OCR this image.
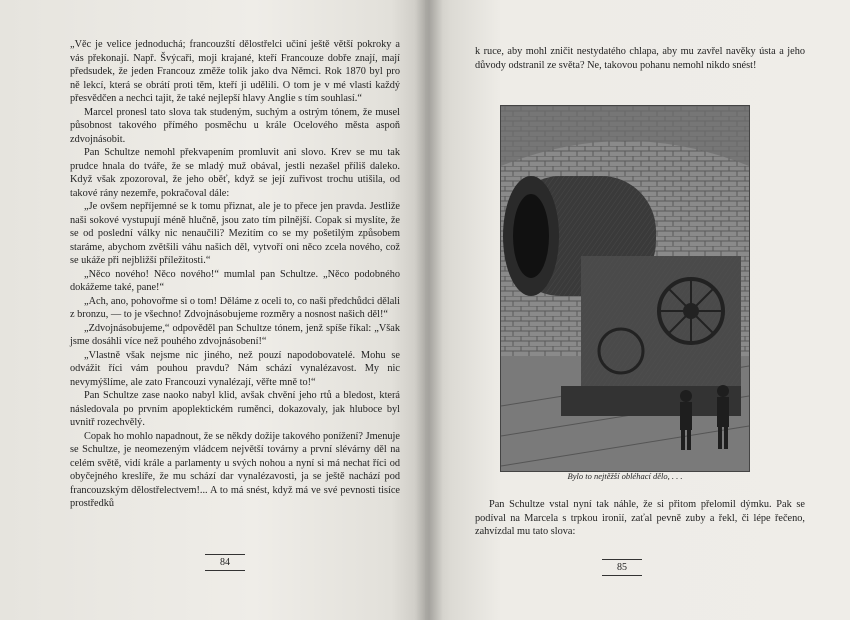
„Věc je velice jednoduchá; francouzští dělostřelci učiní ještě větší pokroky a vás překonají. Např. Švýcaři, moji krajané, kteří Francouze dobře znají, mají předsudek, že jeden Francouz změže tolik jako dva Němci. Rok 1870 byl pro ně lekcí, která se obrátí proti těm, kteří ji udělili. O tom je v mé vlasti každý přesvědčen a nechci tajit, že také nejlepší hlavy Anglie s tím souhlasí.“

Marcel pronesl tato slova tak studeným, suchým a ostrým tónem, že musel působnost takového přímého posměchu u krále Ocelového města aspoň zdvojnásobit.

Pan Schultze nemohl překvapením promluvit ani slovo. Krev se mu tak prudce hnala do tváře, že se mladý muž obával, jestli nezašel příliš daleko. Když však zpozoroval, že jeho oběť, když se její zuřivost trochu utišila, od takové rány nezemře, pokračoval dále:

„Je ovšem nepříjemné se k tomu přiznat, ale je to přece jen pravda. Jestliže naši sokové vystupují méně hlučně, jsou zato tím pilnější. Copak si myslíte, že se od poslední války nic nenaučili? Mezitím co se my pošetilým způsobem staráme, abychom zvětšili váhu našich děl, vytvoří oni něco zcela nového, což se ukáže při nejbližší příležitosti.“

„Něco nového! Něco nového!“ mumlal pan Schultze. „Něco podobného dokážeme také, pane!“

„Ach, ano, pohovořme si o tom! Děláme z oceli to, co naši předchůdci dělali z bronzu, — to je všechno! Zdvojnásobujeme rozměry a nosnost našich děl!“

„Zdvojnásobujeme,“ odpověděl pan Schultze tónem, jenž spíše říkal: „Však jsme dosáhli více než pouhého zdvojnásobení!“

„Vlastně však nejsme nic jiného, než pouzí napodobovatelé. Mohu se odvážit říci vám pouhou pravdu? Nám schází vynalézavost. My nic nevymýšlíme, ale zato Francouzi vynalézají, věřte mně to!“

Pan Schultze zase naoko nabyl klid, avšak chvění jeho rtů a bledost, která následovala po prvním apoplektickém ruměnci, dokazovaly, jak hluboce byl uvnitř rozechvělý.

Copak ho mohlo napadnout, že se někdy dožije takového ponížení? Jmenuje se Schultze, je neomezeným vládcem největší továrny a první slévárny děl na celém světě, vidí krále a parlamenty u svých nohou a nyní si má nechat říci od obyčejného kreslíře, že mu schází dar vynalézavosti, ja se ještě nachází pod francouzským dělostřelectvem!... A to má snést, když má ve své pevnosti tisíce prostředků

84

k ruce, aby mohl zničit nestydatého chlapa, aby mu zavřel navěky ústa a jeho důvody odstranil ze světa? Ne, takovou pohanu nemohl nikdo snést!

Bylo to nejtěžší obléhací dělo, . . .

Pan Schultze vstal nyní tak náhle, že si přitom přelomil dýmku. Pak se podíval na Marcela s trpkou ironií, zaťal pevně zuby a řekl, či lépe řečeno, zahvízdal mu tato slova:

85
